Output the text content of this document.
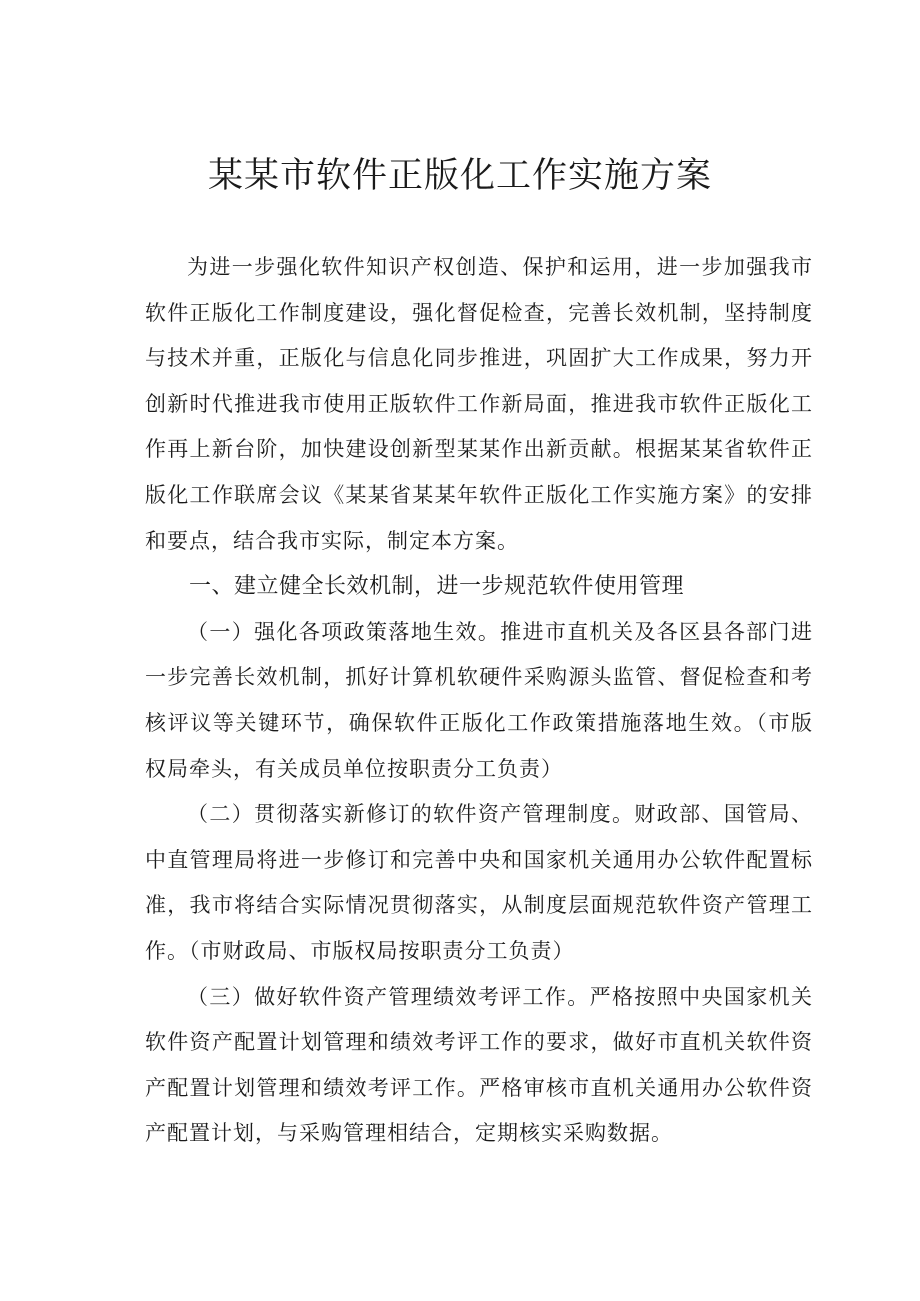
某某市软件正版化工作实施方案

为进一步强化软件知识产权创造、保护和运用，进一步加强我市软件正版化工作制度建设，强化督促检查，完善长效机制，坚持制度与技术并重，正版化与信息化同步推进，巩固扩大工作成果，努力开创新时代推进我市使用正版软件工作新局面，推进我市软件正版化工作再上新台阶，加快建设创新型某某作出新贡献。根据某某省软件正版化工作联席会议《某某省某某年软件正版化工作实施方案》的安排和要点，结合我市实际，制定本方案。

一、建立健全长效机制，进一步规范软件使用管理

（一）强化各项政策落地生效。推进市直机关及各区县各部门进一步完善长效机制，抓好计算机软硬件采购源头监管、督促检查和考核评议等关键环节，确保软件正版化工作政策措施落地生效。（市版权局牵头，有关成员单位按职责分工负责）

（二）贯彻落实新修订的软件资产管理制度。财政部、国管局、中直管理局将进一步修订和完善中央和国家机关通用办公软件配置标准，我市将结合实际情况贯彻落实，从制度层面规范软件资产管理工作。（市财政局、市版权局按职责分工负责）

（三）做好软件资产管理绩效考评工作。严格按照中央国家机关软件资产配置计划管理和绩效考评工作的要求，做好市直机关软件资产配置计划管理和绩效考评工作。严格审核市直机关通用办公软件资产配置计划，与采购管理相结合，定期核实采购数据。
